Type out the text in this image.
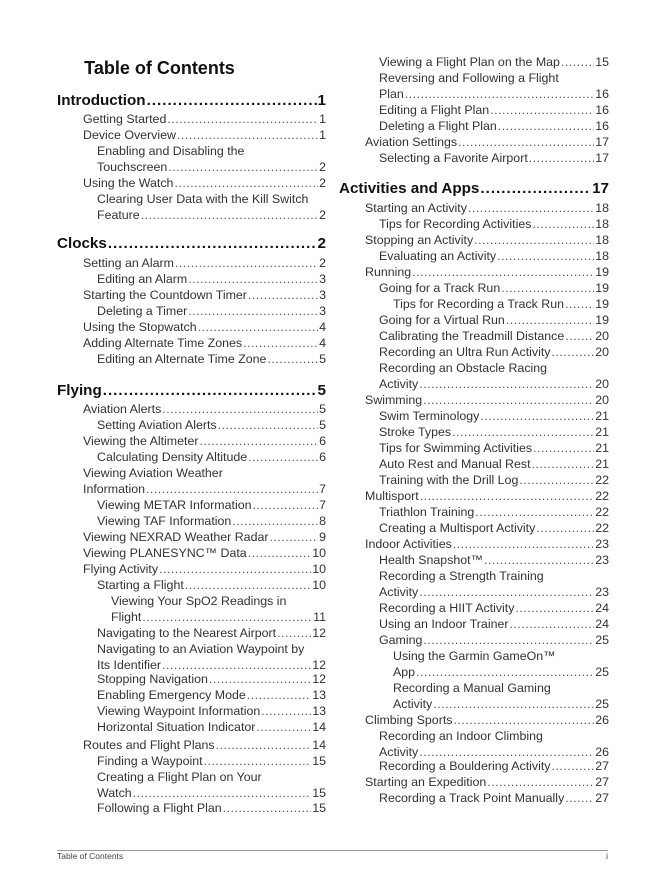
Table of Contents
Introduction .....	1
Getting Started .....	1
Device Overview .....	1
Enabling and Disabling the
Touchscreen .....	2
Using the Watch .....	2
Clearing User Data with the Kill Switch
Feature .....	2
Clocks .....	2
Setting an Alarm .....	2
Editing an Alarm .....	3
Starting the Countdown Timer .....	3
Deleting a Timer .....	3
Using the Stopwatch .....	4
Adding Alternate Time Zones .....	4
Editing an Alternate Time Zone .....	5
Flying .....	5
Aviation Alerts .....	5
Setting Aviation Alerts .....	5
Viewing the Altimeter .....	6
Calculating Density Altitude .....	6
Viewing Aviation Weather
Information .....	7
Viewing METAR Information .....	7
Viewing TAF Information .....	8
Viewing NEXRAD Weather Radar .....	9
Viewing PLANESYNC™ Data .....	10
Flying Activity .....	10
Starting a Flight .....	10
Viewing Your SpO2 Readings in
Flight .....	11
Navigating to the Nearest Airport .....	12
Navigating to an Aviation Waypoint by
Its Identifier .....	12
Stopping Navigation .....	12
Enabling Emergency Mode .....	13
Viewing Waypoint Information .....	13
Horizontal Situation Indicator .....	14
Routes and Flight Plans .....	14
Finding a Waypoint .....	15
Creating a Flight Plan on Your
Watch .....	15
Following a Flight Plan .....	15
Viewing a Flight Plan on the Map .....	15
Reversing and Following a Flight
Plan .....	16
Editing a Flight Plan .....	16
Deleting a Flight Plan .....	16
Aviation Settings .....	17
Selecting a Favorite Airport .....	17
Activities and Apps .....	17
Starting an Activity .....	18
Tips for Recording Activities .....	18
Stopping an Activity .....	18
Evaluating an Activity .....	18
Running .....	19
Going for a Track Run .....	19
Tips for Recording a Track Run .....	19
Going for a Virtual Run .....	19
Calibrating the Treadmill Distance ..... 20
Recording an Ultra Run Activity .....	20
Recording an Obstacle Racing
Activity .....	20
Swimming .....	20
Swim Terminology .....	21
Stroke Types .....	21
Tips for Swimming Activities .....	21
Auto Rest and Manual Rest .....	21
Training with the Drill Log .....	22
Multisport .....	22
Triathlon Training .....	22
Creating a Multisport Activity .....	22
Indoor Activities .....	23
Health Snapshot™ .....	23
Recording a Strength Training
Activity .....	23
Recording a HIIT Activity .....	24
Using an Indoor Trainer .....	24
Gaming .....	25
Using the Garmin GameOn™
App .....	25
Recording a Manual Gaming
Activity .....	25
Climbing Sports .....	26
Recording an Indoor Climbing
Activity .....	26
Recording a Bouldering Activity .....	27
Starting an Expedition .....	27
Recording a Track Point Manually ..... 27
Table of Contents	i
